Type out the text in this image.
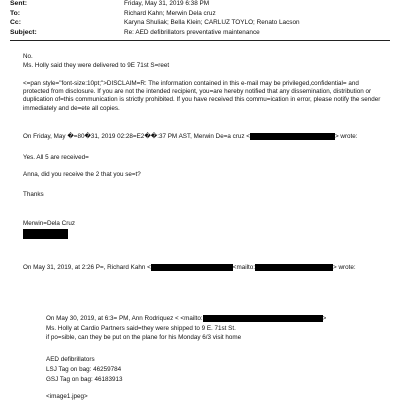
Sent:	Friday, May 31, 2019 6:38 PM
To:	Richard Kahn; Merwin Dela cruz
Cc:	Karyna Shuliak; Bella Klein; CARLUZ TOYLO; Renato Lacson
Subject:	Re: AED defibrillators preventative maintenance
No.
Ms. Holly said they were delivered to 9E 71st S=reet
<=pan style="font-size:10pt;">DISCLAIM=R: The information contained in this e-mail may be privileged,confidential= and protected from disclosure. If you are not the intended recipient, you=are hereby notified that any dissemination, distribution or duplication of=this communication is strictly prohibited. If you have received this commu=ication in error, please notify the sender immediately and de=ete all copies.
On Friday, May �=80�31, 2019 02:28=E2��:37 PM AST, Merwin De=a cruz <	> wrote:
Yes. All 5 are received=
Anna, did you receive the 2 that you se=t?
Thanks
Merwin=Dela Cruz
On May 31, 2019, at 2:26 P=, Richard Kahn <	<mailto:	> wrote:
On May 30, 2019, at 6:3= PM, Ann Rodriquez < <mailto:	>
Ms. Holly at Cardio Partners said=they were shipped to 9 E. 71st St.
if po=sible, can they be put on the plane for his Monday 6/3 visit home
AED defibrillators
LSJ Tag on bag: 46259784
GSJ Tag on bag: 46183913
<image1.jpeg>
